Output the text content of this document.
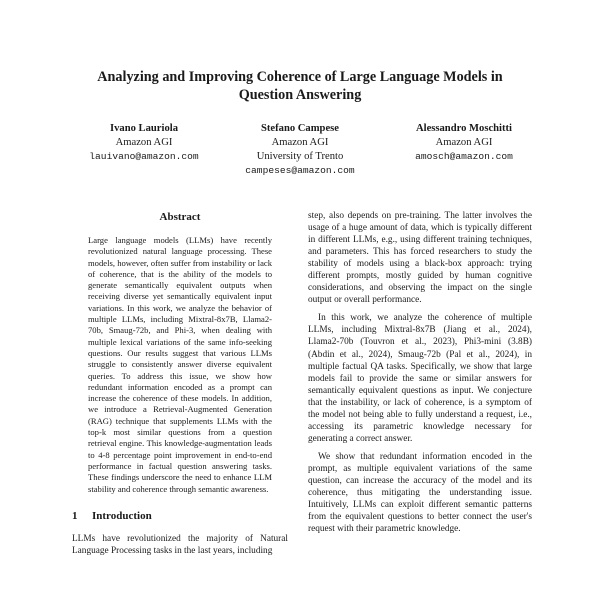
Analyzing and Improving Coherence of Large Language Models in
Question Answering
Ivano Lauriola
Amazon AGI
lauivano@amazon.com
Stefano Campese
Amazon AGI
University of Trento
campeses@amazon.com
Alessandro Moschitti
Amazon AGI
amosch@amazon.com
Abstract

Large language models (LLMs) have recently revolutionized natural language processing. These models, however, often suffer from instability or lack of coherence, that is the ability of the models to generate semantically equivalent outputs when receiving diverse yet semantically equivalent input variations. In this work, we analyze the behavior of multiple LLMs, including Mixtral-8x7B, Llama2-70b, Smaug-72b, and Phi-3, when dealing with multiple lexical variations of the same info-seeking questions. Our results suggest that various LLMs struggle to consistently answer diverse equivalent queries. To address this issue, we show how redundant information encoded as a prompt can increase the coherence of these models. In addition, we introduce a Retrieval-Augmented Generation (RAG) technique that supplements LLMs with the top-k most similar questions from a question retrieval engine. This knowledge-augmentation leads to 4-8 percentage point improvement in end-to-end performance in factual question answering tasks. These findings underscore the need to enhance LLM stability and coherence through semantic awareness.

1 Introduction

LLMs have revolutionized the majority of Natural Language Processing tasks in the last years, including

step, also depends on pre-training. The latter involves the usage of a huge amount of data, which is typically different in different LLMs, e.g., using different training techniques, and parameters. This has forced researchers to study the stability of models using a black-box approach: trying different prompts, mostly guided by human cognitive considerations, and observing the impact on the single output or overall performance.

In this work, we analyze the coherence of multiple LLMs, including Mixtral-8x7B (Jiang et al., 2024), Llama2-70b (Touvron et al., 2023), Phi3-mini (3.8B) (Abdin et al., 2024), Smaug-72b (Pal et al., 2024), in multiple factual QA tasks. Specifically, we show that large models fail to provide the same or similar answers for semantically equivalent questions as input. We conjecture that the instability, or lack of coherence, is a symptom of the model not being able to fully understand a request, i.e., accessing its parametric knowledge necessary for generating a correct answer.

We show that redundant information encoded in the prompt, as multiple equivalent variations of the same question, can increase the accuracy of the model and its coherence, thus mitigating the understanding issue. Intuitively, LLMs can exploit different semantic patterns from the equivalent questions to better connect the user's request with their parametric knowledge.
